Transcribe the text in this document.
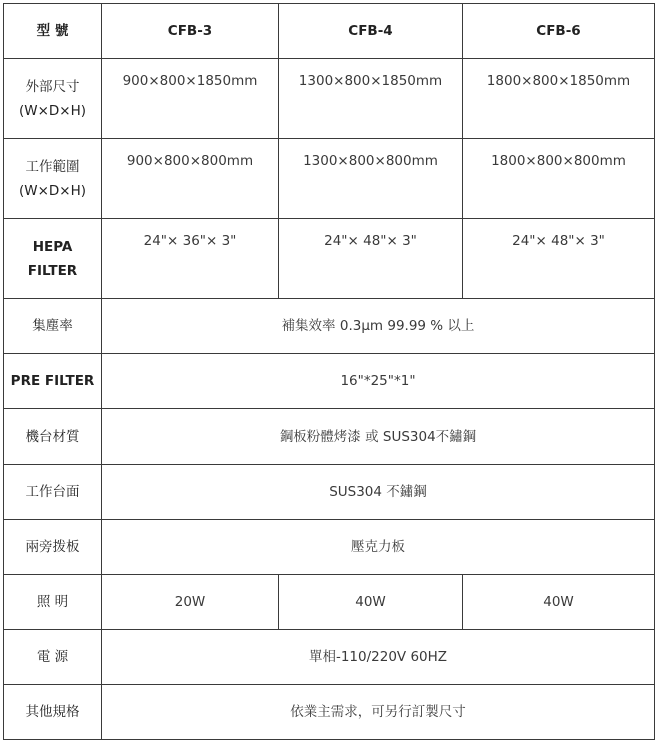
型 號	CFB-3	CFB-4	CFB-6

外部尺寸
(W×D×H)	900×800×1850mm	1300×800×1850mm	1800×800×1850mm

工作範圍
(W×D×H)	900×800×800mm	1300×800×800mm	1800×800×800mm

HEPA
FILTER	24"× 36"× 3"	24"× 48"× 3"	24"× 48"× 3"
集塵率	補集效率 0.3μm 99.99 % 以上		
PRE FILTER	16"*25"*1"		
機台材質	鋼板粉體烤漆 或 SUS304不鏽鋼		
工作台面	SUS304 不鏽鋼		
兩旁拨板	壓克力板		
照 明	20W	40W	40W
電 源	單相-110/220V 60HZ		
其他規格	依業主需求，可另行訂製尺寸		
